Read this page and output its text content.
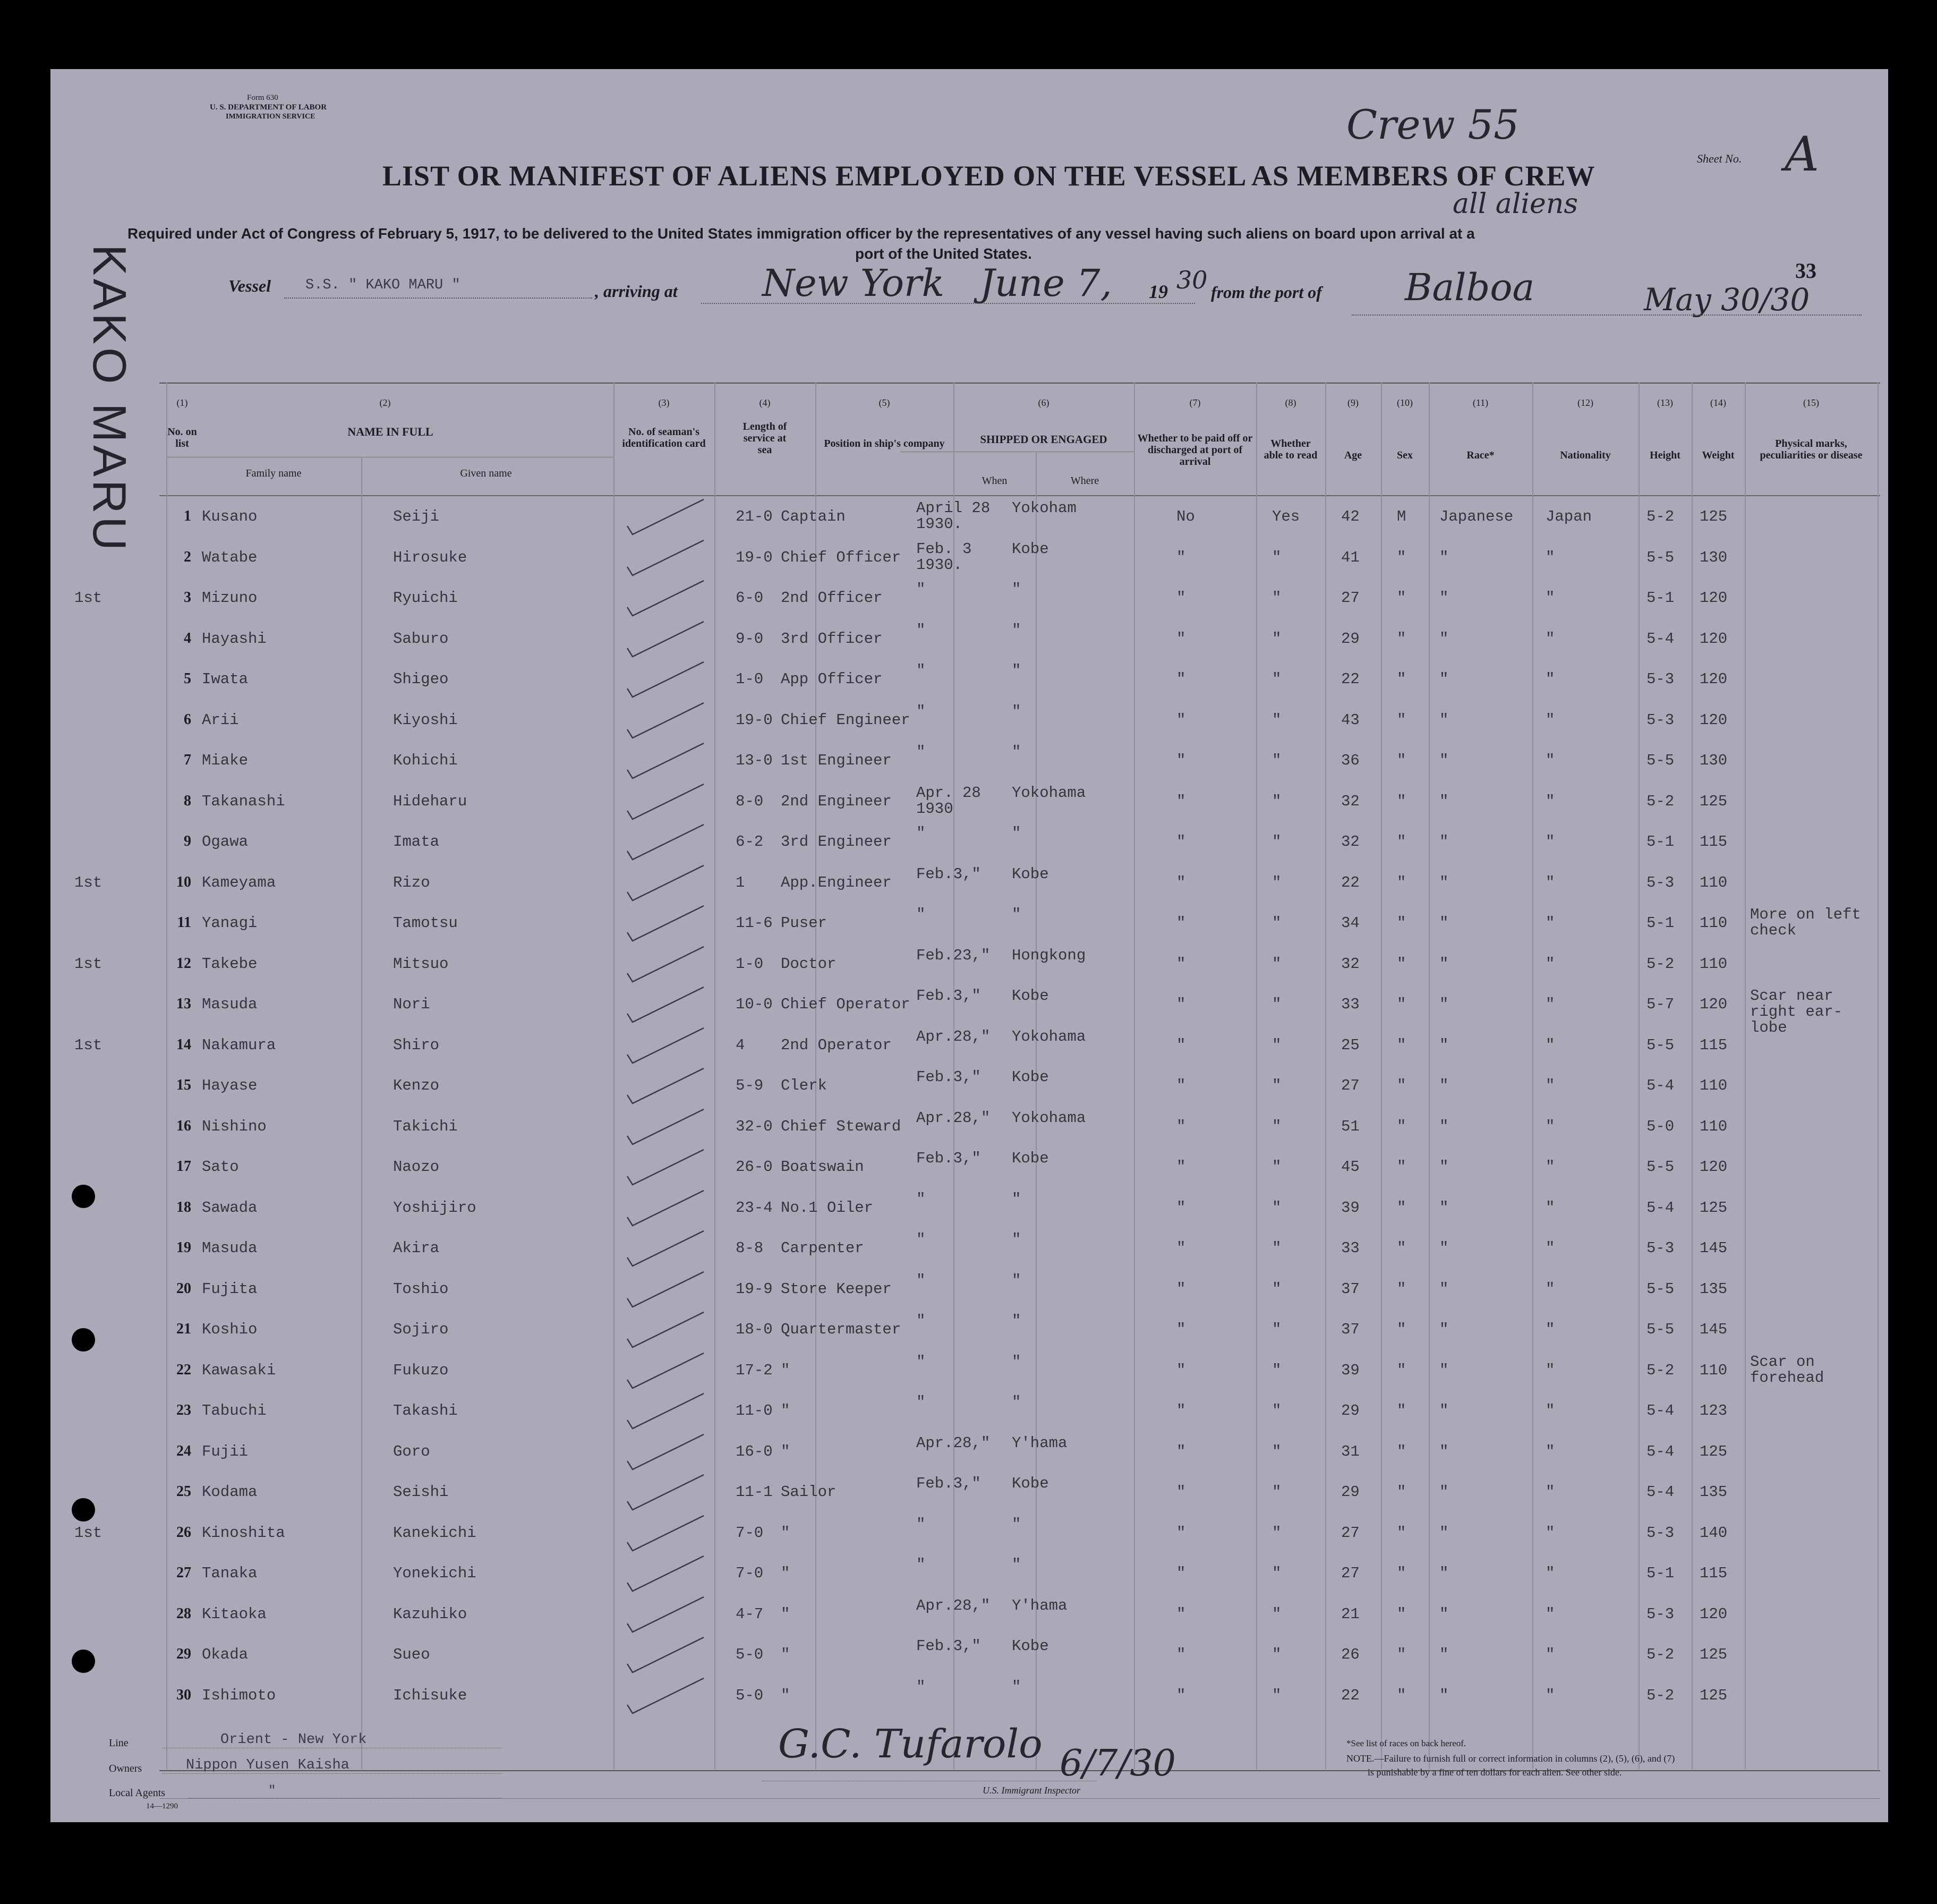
Form 630
U. S. DEPARTMENT OF LABOR
IMMIGRATION SERVICE	Crew 55
Sheet No. A
LIST OR MANIFEST OF ALIENS EMPLOYED ON THE VESSEL AS MEMBERS OF CREW
all aliens
Required under Act of Congress of February 5, 1917, to be delivered to the United States immigration officer by the representatives of any vessel having such aliens on board upon arrival at a
port of the United States.
33
Vessel S.S. " KAKO MARU "	, arriving at New York June 7, 19 30 from the port of Balboa	May 30/30
KAKO MARU	(1)	(2)	(3)	(4)	(5)	(6)	(7)	(8)	(9)	(10)	(11)	(12)	(13)	(14)	(15)
No. on list
NAME IN FULL	No. of seaman's identification card
Length of service at sea
Position in ship's company	SHIPPED OR ENGAGED	Whether to be paid off or discharged at port of arrival
Whether able to read	Age	Sex	Race*	Nationality	Height	Weight
Physical marks, peculiarities or disease
Family name	Given name
When	Where
1 Kusano	Seiji	21-0 Captain	April 28 1930.
Yokoham	No	Yes	42 M Japanese Japan	5-2 125
2 Watabe	Hirosuke	19-0 Chief Officer Feb. 3 1930.
Kobe	"	"	41 " "	"	5-5 130
1st	3 Mizuno	Ryuichi	6-0 2nd Officer "	"	"	"	27 " "	"	5-1 120
4 Hayashi	Saburo	9-0 3rd Officer "	"	"	"	29 " "	"	5-4 120
5 Iwata	Shigeo	1-0 App Officer "	"	"	"	22 " "	"	5-3 120
6 Arii	Kiyoshi	19-0 Chief Engineer "	"	"	"	43 " "	"	5-3 120
7 Miake	Kohichi	13-0 1st Engineer "	"	"	"	36 " "	"	5-5 130
8 Takanashi	Hideharu	8-0 2nd Engineer Apr. 28 1930
Yokohama	"	"	32 " "	"	5-2 125
9 Ogawa	Imata	6-2 3rd Engineer "	"	"	"	32 " "	"	5-1 115
1st	10 Kameyama	Rizo	1 App.Engineer Feb.3,"	Kobe	"	"	22 " "	"	5-3 110
11 Yanagi	Tamotsu	11-6 Puser	"	"	"	"	34 " "	"	5-1 110 More on left check
1st	12 Takebe	Mitsuo	1-0 Doctor	Feb.23,"	Hongkong	"	"	32 " "	"	5-2 110
13 Masuda	Nori	10-0 Chief Operator Feb.3,"	Kobe	"	"	33 " "	"	5-7 120 Scar near right ear-lobe
1st	14 Nakamura	Shiro	4 2nd Operator Apr.28,"	Yokohama	"	"	25 " "	"	5-5 115
15 Hayase	Kenzo	5-9 Clerk	Feb.3,"	Kobe	"	"	27 " "	"	5-4 110
16 Nishino	Takichi	32-0 Chief Steward Apr.28,"	Yokohama	"	"	51 " "	"	5-0 110
17 Sato	Naozo	26-0 Boatswain	Feb.3,"	Kobe	"	"	45 " "	"	5-5 120
18 Sawada	Yoshijiro	23-4 No.1 Oiler	"	"	"	"	39 " "	"	5-4 125
19 Masuda	Akira	8-8 Carpenter	"	"	"	"	33 " "	"	5-3 145
20 Fujita	Toshio	19-9 Store Keeper "	"	"	"	37 " "	"	5-5 135
21 Koshio	Sojiro	18-0 Quartermaster "	"	"	"	37 " "	"	5-5 145
22 Kawasaki	Fukuzo	17-2 "	"	"	"	"	39 " "	"	5-2 110 Scar on forehead
23 Tabuchi	Takashi	11-0 "	"	"	"	"	29 " "	"	5-4 123
24 Fujii	Goro	16-0 "	Apr.28,"	Y'hama	"	"	31 " "	"	5-4 125
25 Kodama	Seishi	11-1 Sailor	Feb.3,"	Kobe	"	"	29 " "	"	5-4 135
1st	26 Kinoshita	Kanekichi	7-0 "	"	"	"	"	27 " "	"	5-3 140
27 Tanaka	Yonekichi	7-0 "	"	"	"	"	27 " "	"	5-1 115
28 Kitaoka	Kazuhiko	4-7 "	Apr.28,"	Y'hama	"	"	21 " "	"	5-3 120
29 Okada	Sueo	5-0 "	Feb.3,"	Kobe	"	"	26 " "	"	5-2 125
30 Ishimoto	Ichisuke	5-0 "	"	"	"	"	22 " "	"	5-2 125
Line	Orient - New York
Owners	Nippon Yusen Kaisha
Local Agents	"
14—1290
G.C. Tufarolo 6/7/30
U.S. Immigrant Inspector
*See list of races on back hereof.
NOTE.—Failure to furnish full or correct information in columns (2), (5), (6), and (7)
is punishable by a fine of ten dollars for each alien. See other side.
